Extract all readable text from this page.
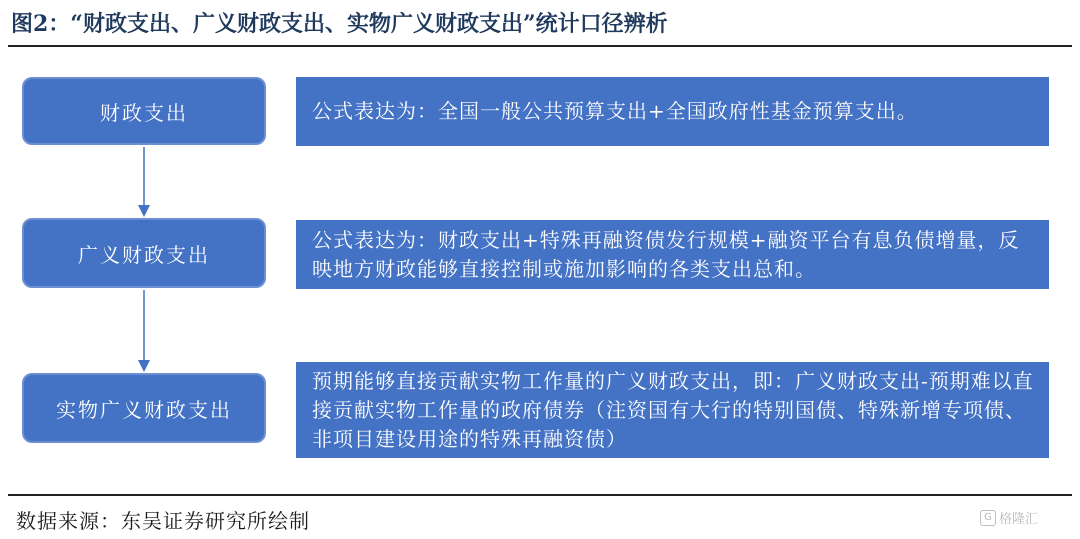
图2：“财政支出、广义财政支出、实物广义财政支出”统计口径辨析
财政支出
广义财政支出
实物广义财政支出
公式表达为：全国一般公共预算支出+全国政府性基金预算支出。
公式表达为：财政支出+特殊再融资债发行规模+融资平台有息负债增量，反映地方财政能够直接控制或施加影响的各类支出总和。
预期能够直接贡献实物工作量的广义财政支出，即：广义财政支出-预期难以直接贡献实物工作量的政府债券（注资国有大行的特别国债、特殊新增专项债、非项目建设用途的特殊再融资债）
数据来源：东吴证券研究所绘制	G 格隆汇
